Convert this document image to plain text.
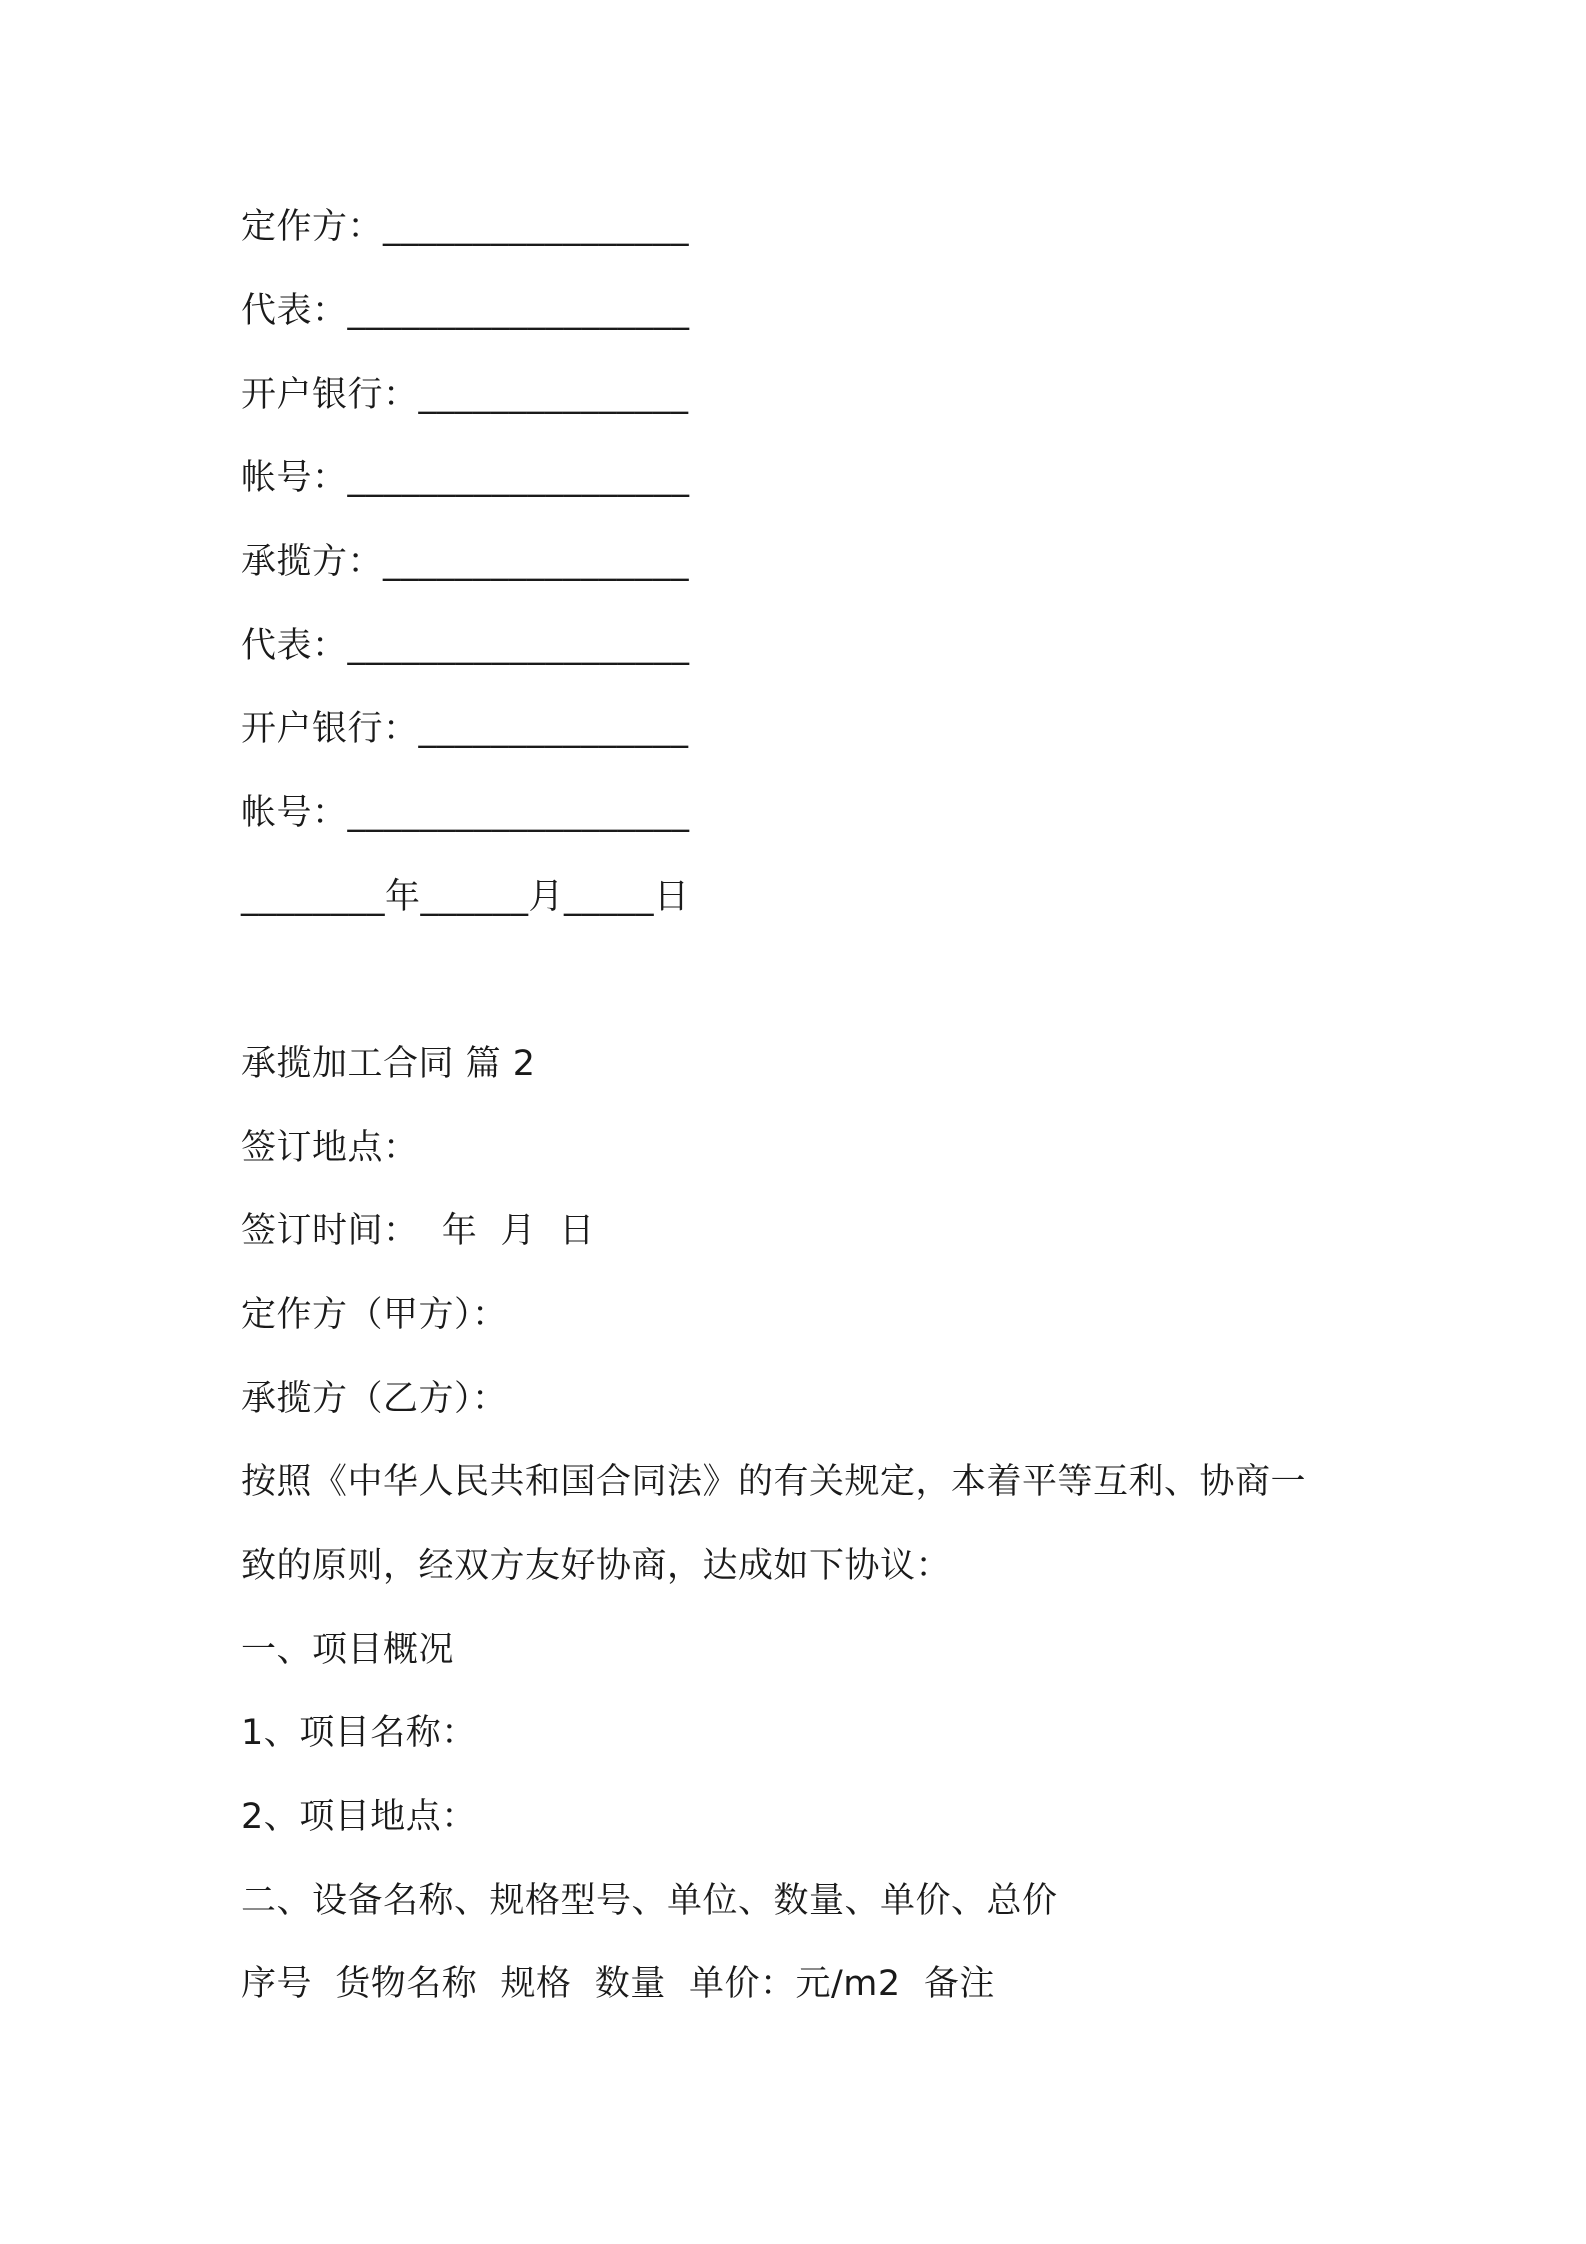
定作方：_________________
代表：___________________
开户银行：_______________
帐号：___________________
承揽方：_________________
代表：___________________
开户银行：_______________
帐号：___________________
________年______月_____日
承揽加工合同 篇 2
签订地点：
签订时间：  年  月  日
定作方（甲方）：
承揽方（乙方）：
按照《中华人民共和国合同法》的有关规定，本着平等互利、协商一
致的原则，经双方友好协商，达成如下协议：
一、项目概况
1、项目名称：
2、项目地点：
二、设备名称、规格型号、单位、数量、单价、总价
序号  货物名称  规格  数量  单价：元/m2  备注
